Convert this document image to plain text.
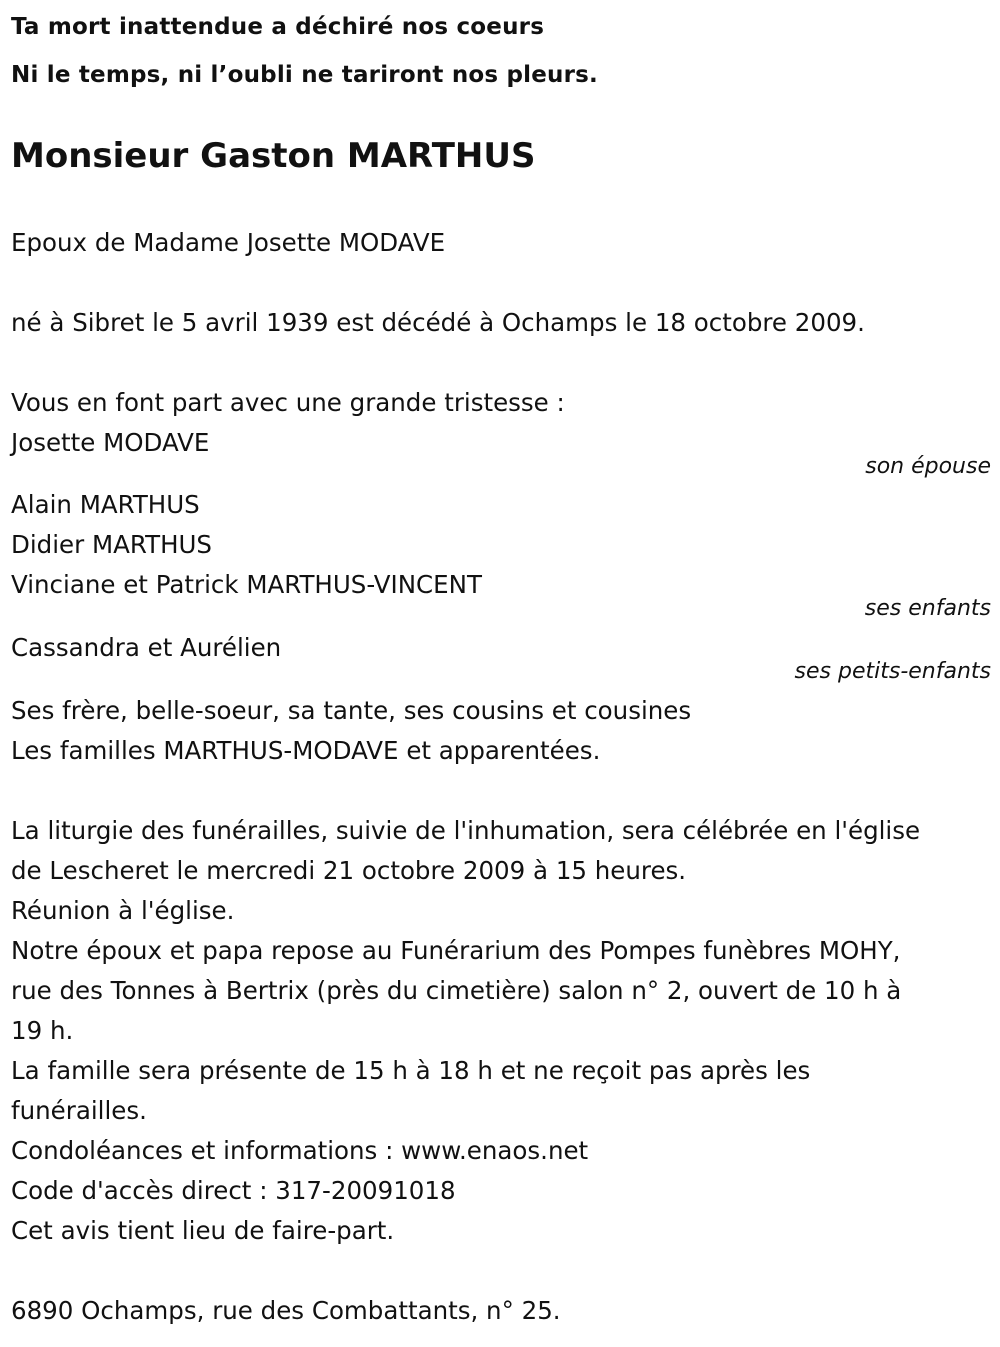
Ta mort inattendue a déchiré nos coeurs
Ni le temps, ni l’oubli ne tariront nos pleurs.
Monsieur Gaston MARTHUS
Epoux de Madame Josette MODAVE
né à Sibret le 5 avril 1939 est décédé à Ochamps le 18 octobre 2009.
Vous en font part avec une grande tristesse :
Josette MODAVE
son épouse
Alain MARTHUS
Didier MARTHUS
Vinciane et Patrick MARTHUS-VINCENT
ses enfants
Cassandra et Aurélien
ses petits-enfants
Ses frère, belle-soeur, sa tante, ses cousins et cousines
Les familles MARTHUS-MODAVE et apparentées.
La liturgie des funérailles, suivie de l'inhumation, sera célébrée en l'église
de Lescheret le mercredi 21 octobre 2009 à 15 heures.
Réunion à l'église.
Notre époux et papa repose au Funérarium des Pompes funèbres MOHY,
rue des Tonnes à Bertrix (près du cimetière) salon n° 2, ouvert de 10 h à
19 h.
La famille sera présente de 15 h à 18 h et ne reçoit pas après les
funérailles.
Condoléances et informations : www.enaos.net
Code d'accès direct : 317-20091018
Cet avis tient lieu de faire-part.
6890 Ochamps, rue des Combattants, n° 25.
